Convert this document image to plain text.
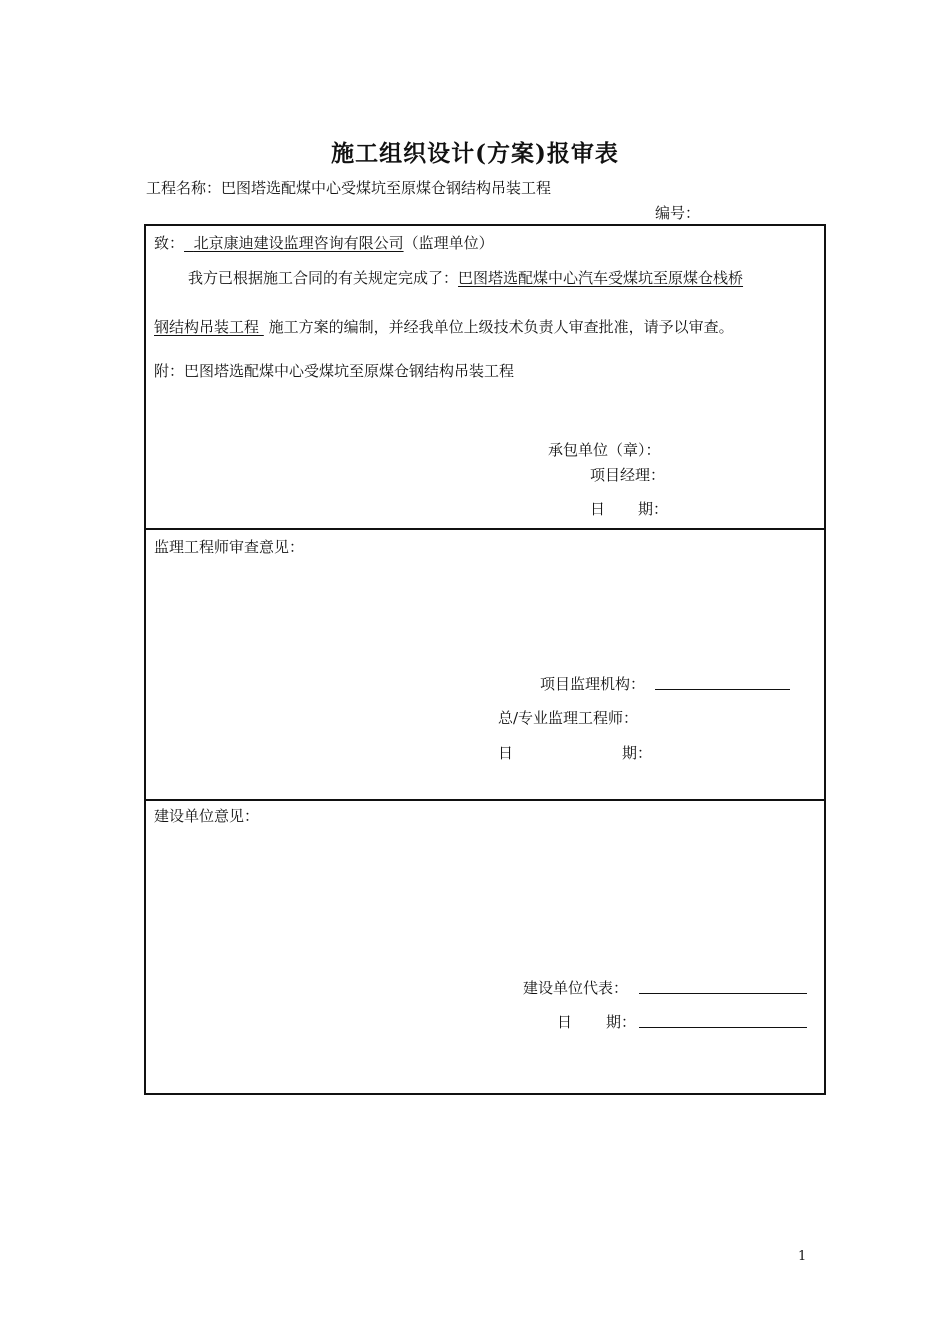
施工组织设计(方案)报审表
工程名称：巴图塔选配煤中心受煤坑至原煤仓钢结构吊装工程
编号：
致： 北京康迪建设监理咨询有限公司（监理单位）
我方已根据施工合同的有关规定完成了：巴图塔选配煤中心汽车受煤坑至原煤仓栈桥
钢结构吊装工程 施工方案的编制，并经我单位上级技术负责人审查批准，请予以审查。
附：巴图塔选配煤中心受煤坑至原煤仓钢结构吊装工程
承包单位（章）：
项目经理：
日 期：
监理工程师审查意见：
项目监理机构：
总/专业监理工程师：
日	期：
建设单位意见：
建设单位代表：
日 期：
1
